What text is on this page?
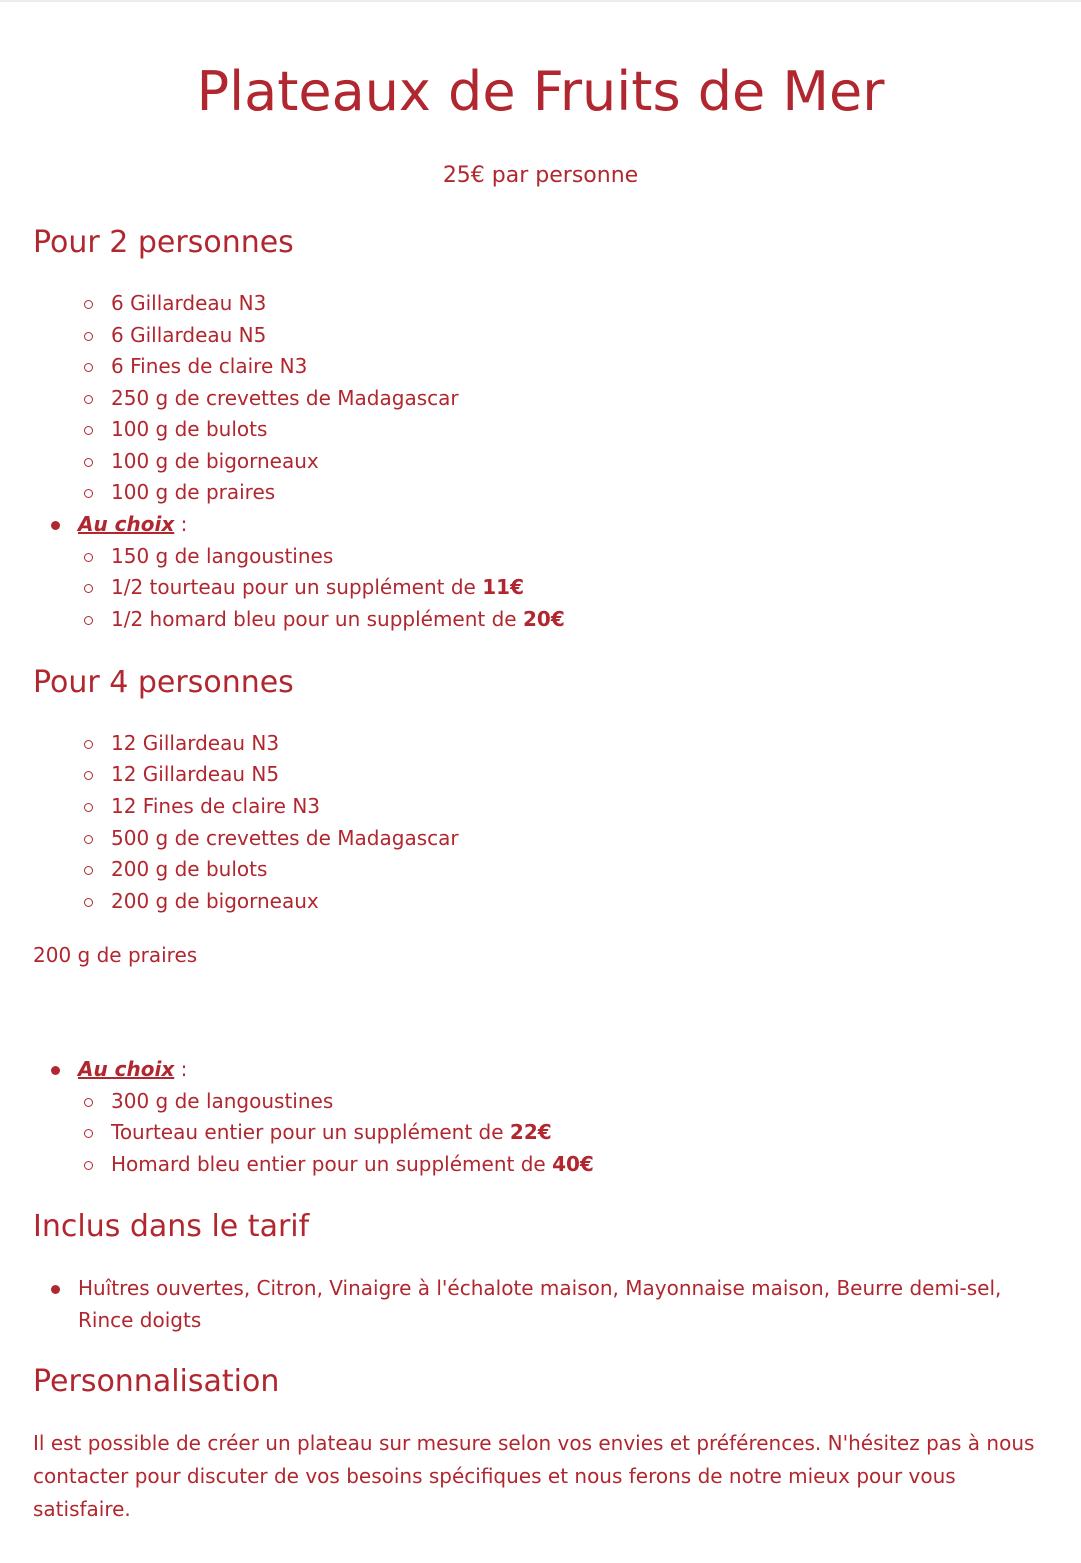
Plateaux de Fruits de Mer

25€ par personne

Pour 2 personnes
6 Gillardeau N3
6 Gillardeau N5
6 Fines de claire N3
250 g de crevettes de Madagascar
100 g de bulots
100 g de bigorneaux
100 g de praires
Au choix :
150 g de langoustines
1/2 tourteau pour un supplément de 11€
1/2 homard bleu pour un supplément de 20€
Pour 4 personnes
12 Gillardeau N3
12 Gillardeau N5
12 Fines de claire N3
500 g de crevettes de Madagascar
200 g de bulots
200 g de bigorneaux
200 g de praires
Au choix :
300 g de langoustines
Tourteau entier pour un supplément de 22€
Homard bleu entier pour un supplément de 40€
Inclus dans le tarif

Huîtres ouvertes, Citron, Vinaigre à l'échalote maison, Mayonnaise maison, Beurre demi-sel, Rince doigts

Personnalisation

Il est possible de créer un plateau sur mesure selon vos envies et préférences. N'hésitez pas à nous contacter pour discuter de vos besoins spécifiques et nous ferons de notre mieux pour vous satisfaire.
